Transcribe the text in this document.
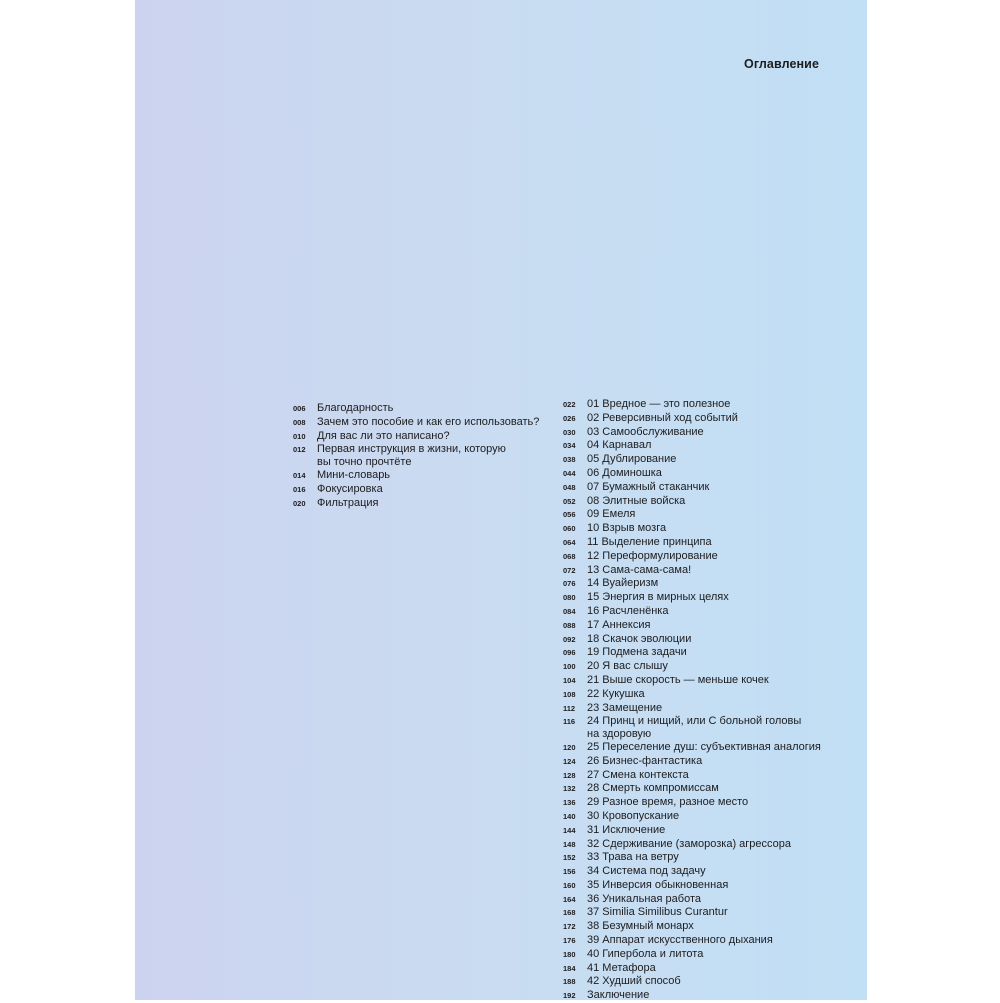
Оглавление
006	Благодарность
008	Зачем это пособие и как его использовать?
010	Для вас ли это написано?
012	Первая инструкция в жизни, которую
вы точно прочтёте
014	Мини-словарь
016	Фокусировка
020	Фильтрация
022	01 Вредное — это полезное
026	02 Реверсивный ход событий
030	03 Самообслуживание
034	04 Карнавал
038	05 Дублирование
044	06 Доминошка
048	07 Бумажный стаканчик
052	08 Элитные войска
056	09 Емеля
060	10 Взрыв мозга
064	11 Выделение принципа
068	12 Переформулирование
072	13 Сама-сама-сама!
076	14 Вуайеризм
080	15 Энергия в мирных целях
084	16 Расчленёнка
088	17 Аннексия
092	18 Скачок эволюции
096	19 Подмена задачи
100	20 Я вас слышу
104	21 Выше скорость — меньше кочек
108	22 Кукушка
112	23 Замещение
116	24 Принц и нищий, или С больной головы
на здоровую
120	25 Переселение душ: субъективная аналогия
124	26 Бизнес-фантастика
128	27 Смена контекста
132	28 Смерть компромиссам
136	29 Разное время, разное место
140	30 Кровопускание
144	31 Исключение
148	32 Сдерживание (заморозка) агрессора
152	33 Трава на ветру
156	34 Система под задачу
160	35 Инверсия обыкновенная
164	36 Уникальная работа
168	37 Similia Similibus Curantur
172	38 Безумный монарх
176	39 Аппарат искусственного дыхания
180	40 Гипербола и литота
184	41 Метафора
188	42 Худший способ
192	Заключение
